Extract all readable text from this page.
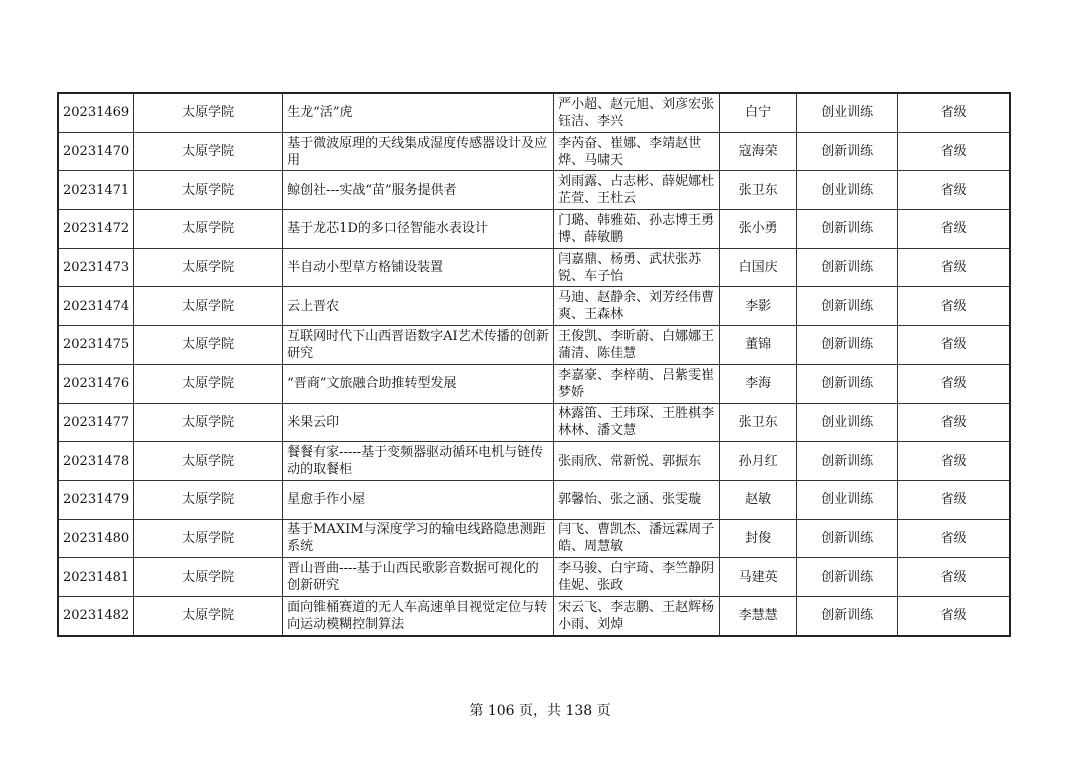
20231469	太原学院	生龙“活”虎	严小超、赵元旭、刘彦宏张钰洁、李兴	白宁	创业训练	省级
20231470	太原学院	基于微波原理的天线集成湿度传感器设计及应用	李芮奋、崔娜、李靖赵世烨、马啸天	寇海荣	创新训练	省级
20231471	太原学院	鲸创社---实战“苗”服务提供者	刘雨露、占志彬、薛妮娜杜芷萱、王杜云	张卫东	创业训练	省级
20231472	太原学院	基于龙芯1D的多口径智能水表设计	门璐、韩雅茹、孙志博王勇博、薛敏鹏	张小勇	创新训练	省级
20231473	太原学院	半自动小型草方格铺设装置	闫嘉鼎、杨勇、武状张苏锐、车子怡	白国庆	创新训练	省级
20231474	太原学院	云上晋农	马迪、赵静余、刘芳经伟曹爽、王森林	李影	创新训练	省级
20231475	太原学院	互联网时代下山西晋语数字AI艺术传播的创新研究	王俊凯、李昕蔚、白娜娜王蒲清、陈佳慧	董锦	创新训练	省级
20231476	太原学院	“晋商”文旅融合助推转型发展	李嘉豪、李梓萌、吕紫雯崔梦娇	李海	创新训练	省级
20231477	太原学院	米果云印	林露笛、王玮琛、王胜棋李林林、潘文慧	张卫东	创业训练	省级
20231478	太原学院	餐餐有家-----基于变频器驱动循环电机与链传动的取餐柜	张雨欣、常新悦、郭振东	孙月红	创新训练	省级
20231479	太原学院	星愈手作小屋	郭馨怡、张之涵、张雯璇	赵敏	创业训练	省级
20231480	太原学院	基于MAXIM与深度学习的输电线路隐患测距系统	闫飞、曹凯杰、潘远霖周子皓、周慧敏	封俊	创新训练	省级
20231481	太原学院	晋山晋曲----基于山西民歌影音数据可视化的创新研究	李马骏、白宇琦、李竺静阴佳妮、张政	马建英	创新训练	省级
20231482	太原学院	面向锥桶赛道的无人车高速单目视觉定位与转向运动模糊控制算法	宋云飞、李志鹏、王赵辉杨小雨、刘焯	李慧慧	创新训练	省级
第 106 页，共 138 页
